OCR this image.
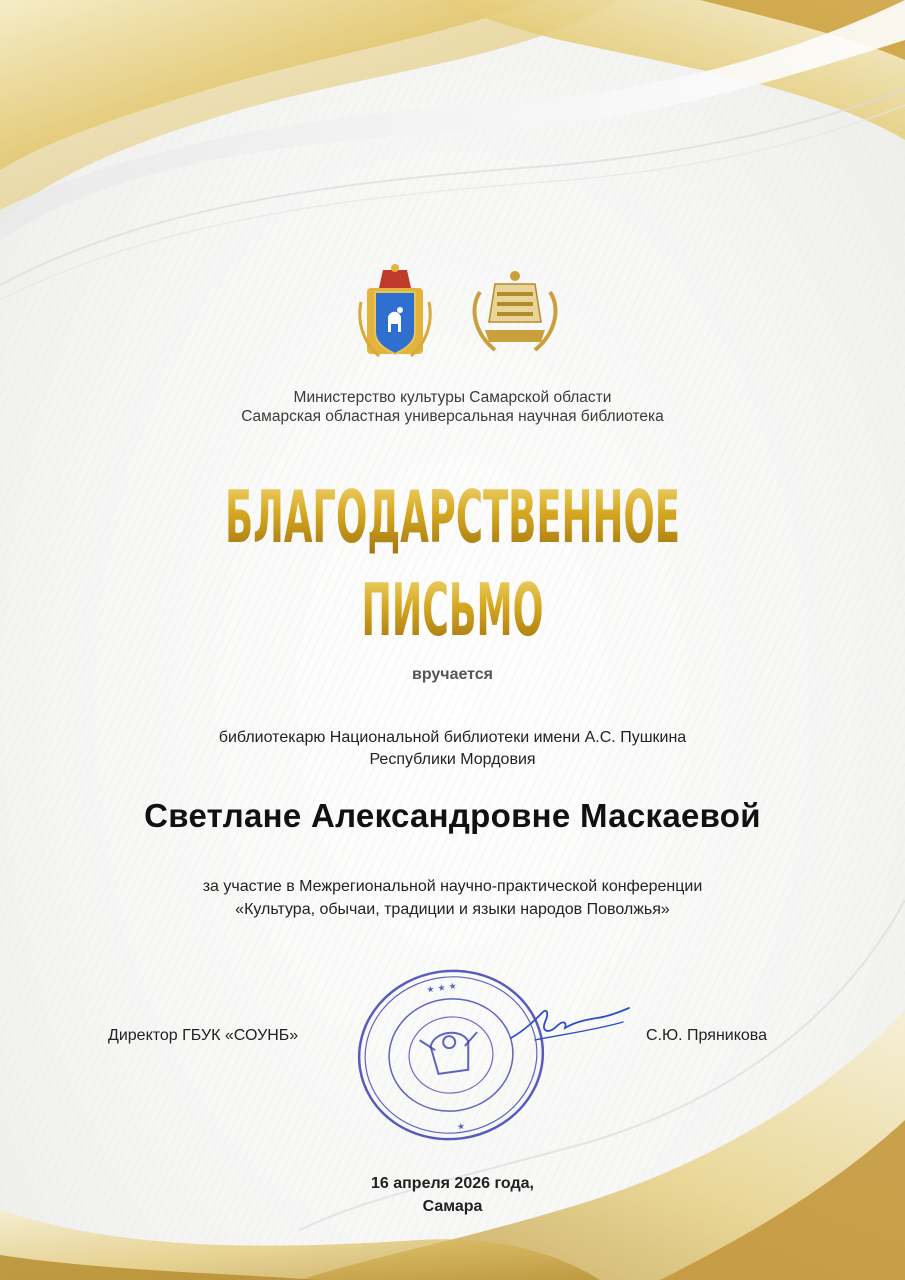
Министерство культуры Самарской области
Самарская областная универсальная научная библиотека
БЛАГОДАРСТВЕННОЕ
ПИСЬМО
вручается
библиотекарю Национальной библиотеки имени А.С. Пушкина
Республики Мордовия
Светлане Александровне Маскаевой
за участие в Межрегиональной научно-практической конференции
«Культура, обычаи, традиции и языки народов Поволжья»
Директор ГБУК «СОУНБ»
★ ★ ★
★
С.Ю. Пряникова
16 апреля 2026 года,
Самара
